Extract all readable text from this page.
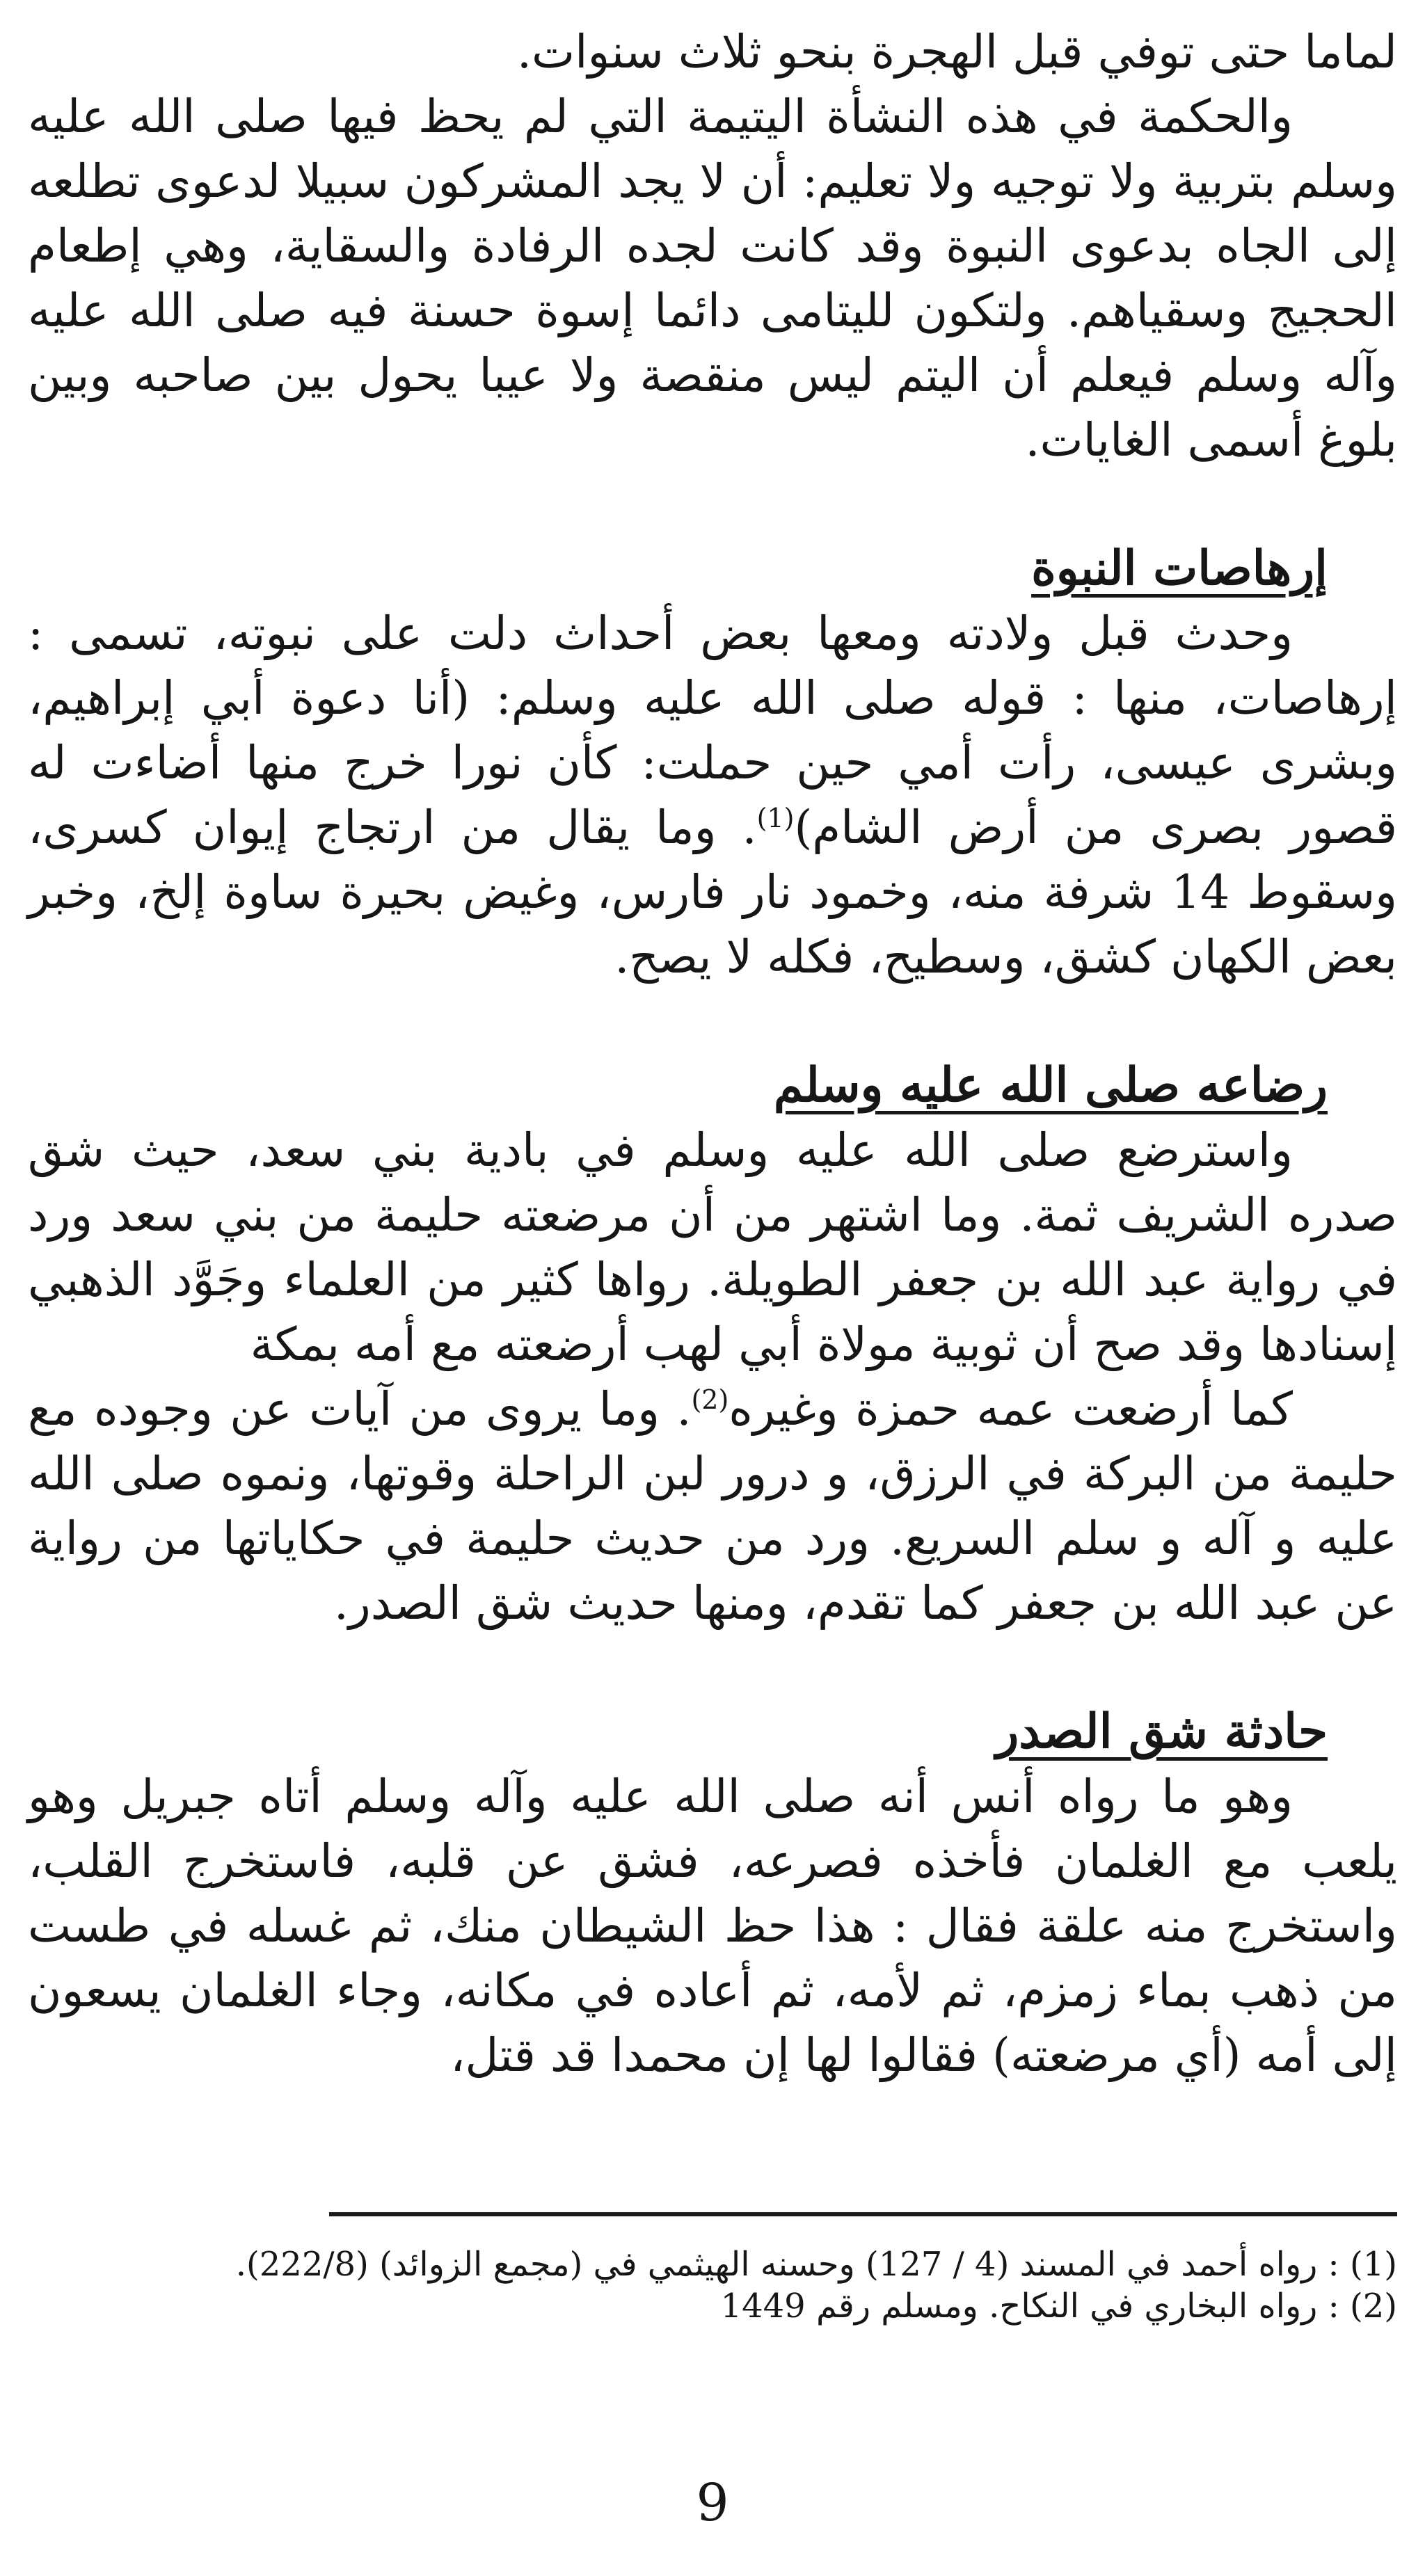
لماما حتى توفي قبل الهجرة بنحو ثلاث سنوات.

والحكمة في هذه النشأة اليتيمة التي لم يحظ فيها صلى الله عليه وسلم بتربية ولا توجيه ولا تعليم: أن لا يجد المشركون سبيلا لدعوى تطلعه إلى الجاه بدعوى النبوة وقد كانت لجده الرفادة والسقاية، وهي إطعام الحجيج وسقياهم. ولتكون لليتامى دائما إسوة حسنة فيه صلى الله عليه وآله وسلم فيعلم أن اليتم ليس منقصة ولا عيبا يحول بين صاحبه وبين بلوغ أسمى الغايات.

إرهاصات النبوة

وحدث قبل ولادته ومعها بعض أحداث دلت على نبوته، تسمى : إرهاصات، منها : قوله صلى الله عليه وسلم: (أنا دعوة أبي إبراهيم، وبشرى عيسى، رأت أمي حين حملت: كأن نورا خرج منها أضاءت له قصور بصرى من أرض الشام)$^{(1)}$. وما يقال من ارتجاج إيوان كسرى، وسقوط 14 شرفة منه، وخمود نار فارس، وغيض بحيرة ساوة إلخ، وخبر بعض الكهان كشق، وسطيح، فكله لا يصح.

رضاعه صلى الله عليه وسلم

واسترضع صلى الله عليه وسلم في بادية بني سعد، حيث شق صدره الشريف ثمة. وما اشتهر من أن مرضعته حليمة من بني سعد ورد في رواية عبد الله بن جعفر الطويلة. رواها كثير من العلماء وجَوَّد الذهبي إسنادها وقد صح أن ثوبية مولاة أبي لهب أرضعته مع أمه بمكة

كما أرضعت عمه حمزة وغيره$^{(2)}$. وما يروى من آيات عن وجوده مع حليمة من البركة في الرزق، و درور لبن الراحلة وقوتها، ونموه صلى الله عليه و آله و سلم السريع. ورد من حديث حليمة في حكاياتها من رواية عن عبد الله بن جعفر كما تقدم، ومنها حديث شق الصدر.

حادثة شق الصدر

وهو ما رواه أنس أنه صلى الله عليه وآله وسلم أتاه جبريل وهو يلعب مع الغلمان فأخذه فصرعه، فشق عن قلبه، فاستخرج القلب، واستخرج منه علقة فقال : هذا حظ الشيطان منك، ثم غسله في طست من ذهب بماء زمزم، ثم لأمه، ثم أعاده في مكانه، وجاء الغلمان يسعون إلى أمه (أي مرضعته) فقالوا لها إن محمدا قد قتل،

(1) : رواه أحمد في المسند (4 / 127) وحسنه الهيثمي في (مجمع الزوائد) (222/8).

(2) : رواه البخاري في النكاح. ومسلم رقم 1449

9
